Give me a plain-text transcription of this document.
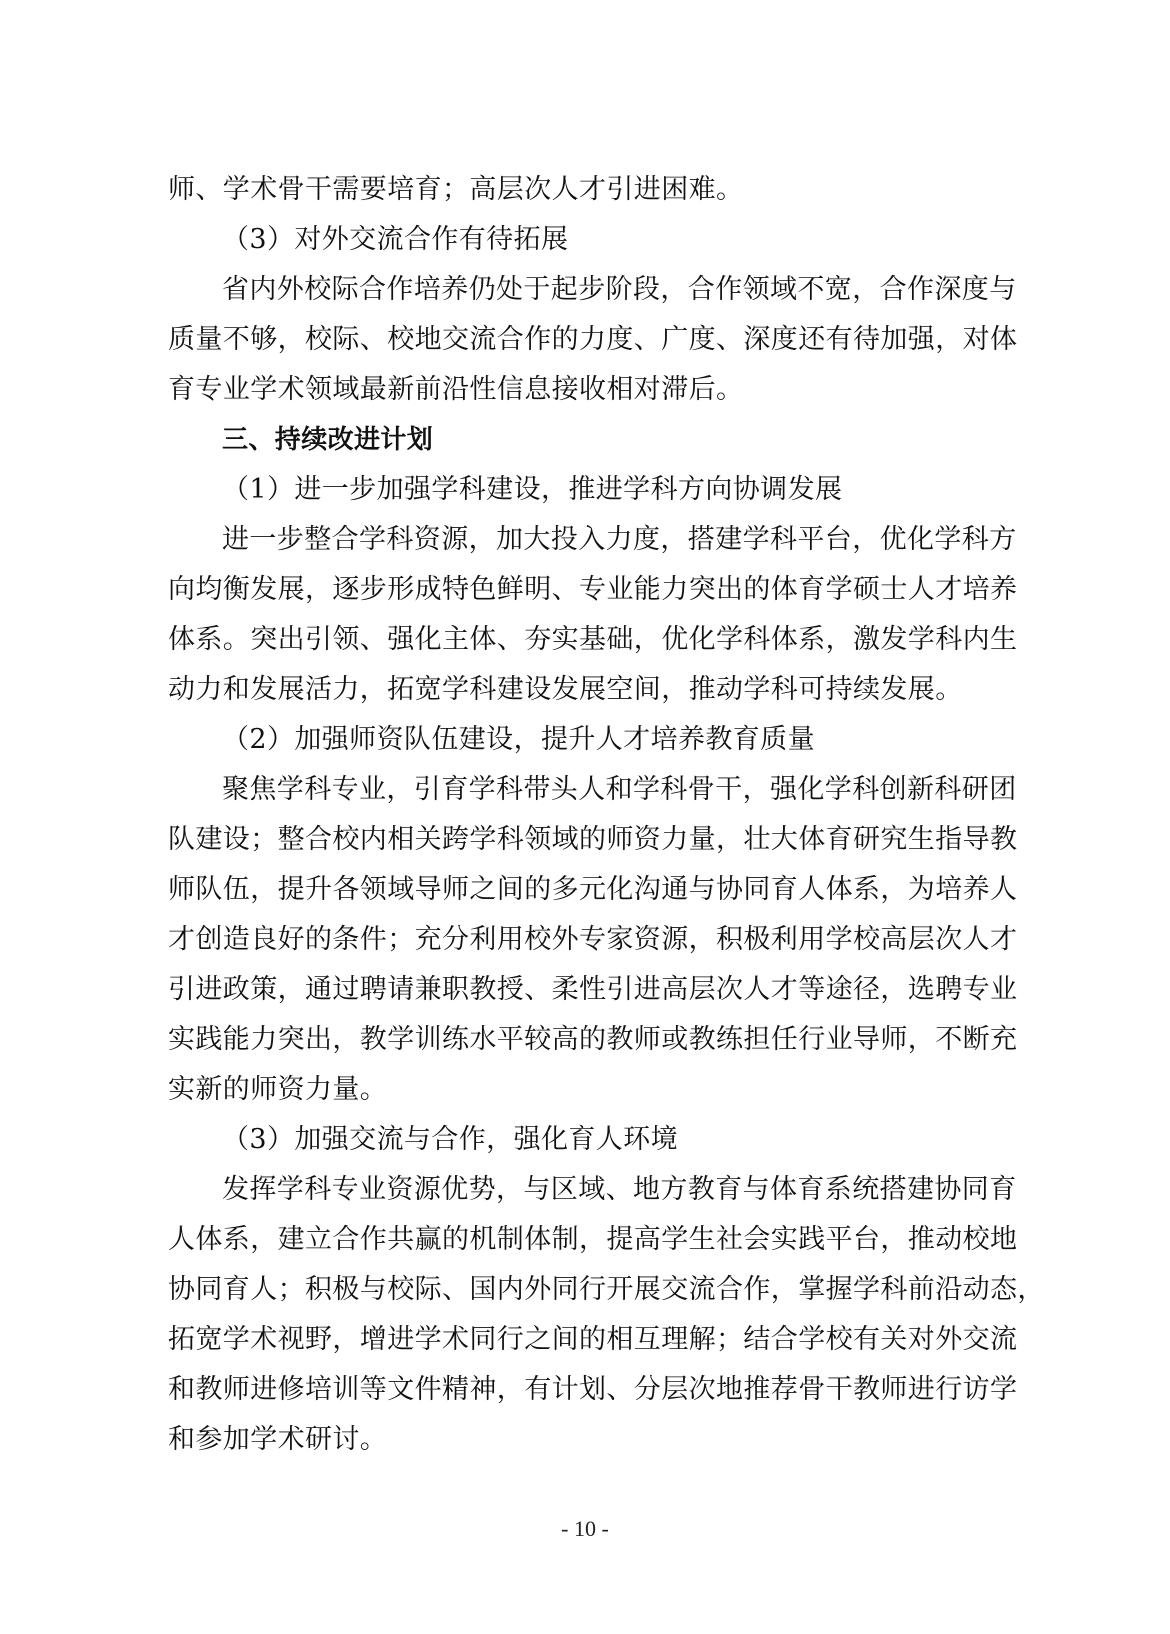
师、学术骨干需要培育；高层次人才引进困难。
（3）对外交流合作有待拓展
省内外校际合作培养仍处于起步阶段，合作领域不宽，合作深度与
质量不够，校际、校地交流合作的力度、广度、深度还有待加强，对体
育专业学术领域最新前沿性信息接收相对滞后。
三、持续改进计划
（1）进一步加强学科建设，推进学科方向协调发展
进一步整合学科资源，加大投入力度，搭建学科平台，优化学科方
向均衡发展，逐步形成特色鲜明、专业能力突出的体育学硕士人才培养
体系。突出引领、强化主体、夯实基础，优化学科体系，激发学科内生
动力和发展活力，拓宽学科建设发展空间，推动学科可持续发展。
（2）加强师资队伍建设，提升人才培养教育质量
聚焦学科专业，引育学科带头人和学科骨干，强化学科创新科研团
队建设；整合校内相关跨学科领域的师资力量，壮大体育研究生指导教
师队伍，提升各领域导师之间的多元化沟通与协同育人体系，为培养人
才创造良好的条件；充分利用校外专家资源，积极利用学校高层次人才
引进政策，通过聘请兼职教授、柔性引进高层次人才等途径，选聘专业
实践能力突出，教学训练水平较高的教师或教练担任行业导师，不断充
实新的师资力量。
（3）加强交流与合作，强化育人环境
发挥学科专业资源优势，与区域、地方教育与体育系统搭建协同育
人体系，建立合作共赢的机制体制，提高学生社会实践平台，推动校地
协同育人；积极与校际、国内外同行开展交流合作，掌握学科前沿动态，
拓宽学术视野，增进学术同行之间的相互理解；结合学校有关对外交流
和教师进修培训等文件精神，有计划、分层次地推荐骨干教师进行访学
和参加学术研讨。
- 10 -
